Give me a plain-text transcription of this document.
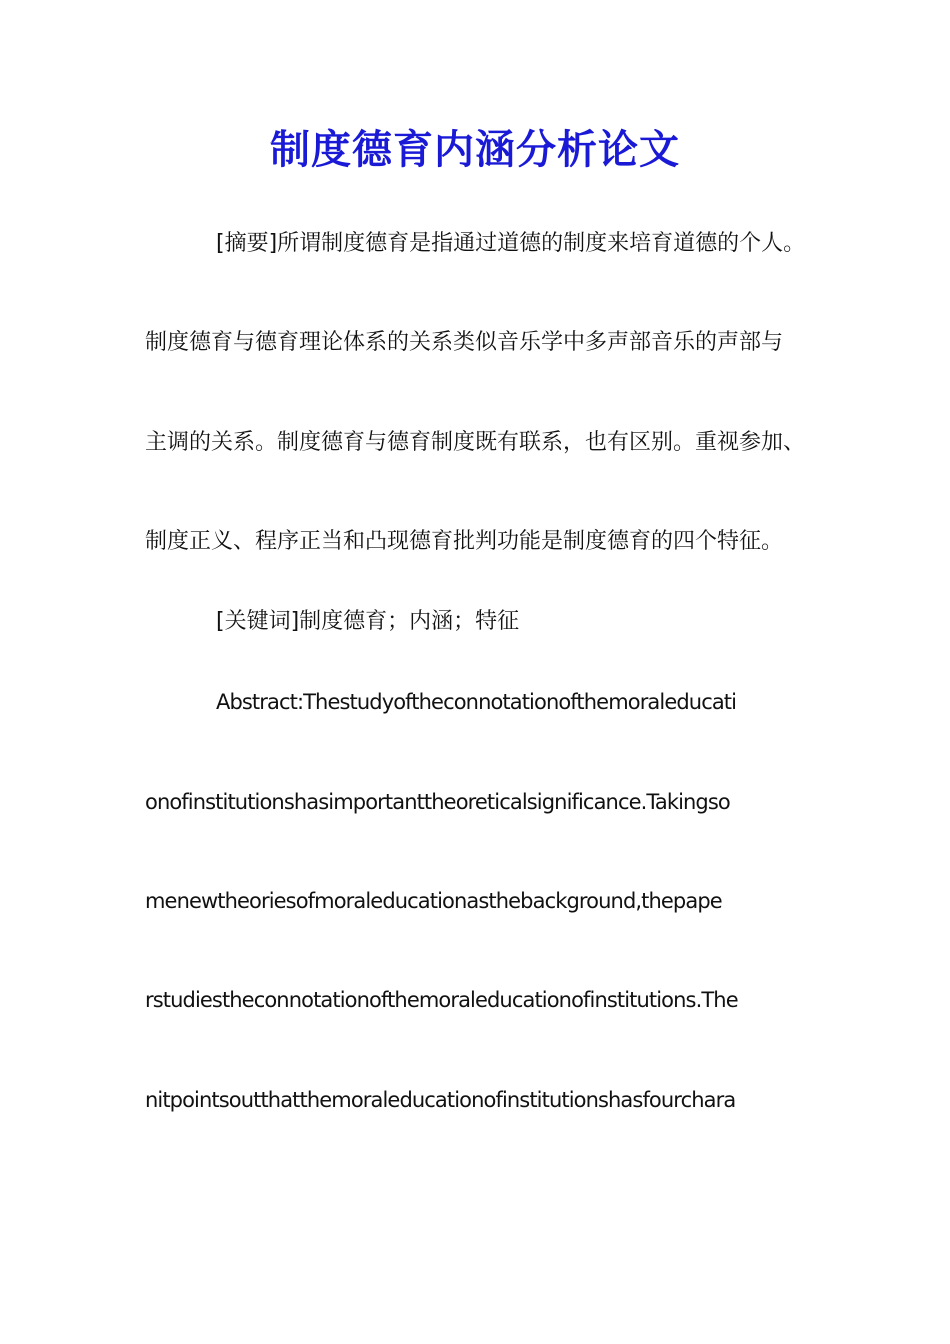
制度德育内涵分析论文

[摘要]所谓制度德育是指通过道德的制度来培育道德的个人。

制度德育与德育理论体系的关系类似音乐学中多声部音乐的声部与

主调的关系。制度德育与德育制度既有联系，也有区别。重视参加、

制度正义、程序正当和凸现德育批判功能是制度德育的四个特征。

[关键词]制度德育；内涵；特征

Abstract:Thestudyoftheconnotationofthemoraleducati

onofinstitutionshasimportanttheoreticalsignificance.Takingso

menewtheoriesofmoraleducationasthebackground,thepape

rstudiestheconnotationofthemoraleducationofinstitutions.The

nitpointsoutthatthemoraleducationofinstitutionshasfourchara
